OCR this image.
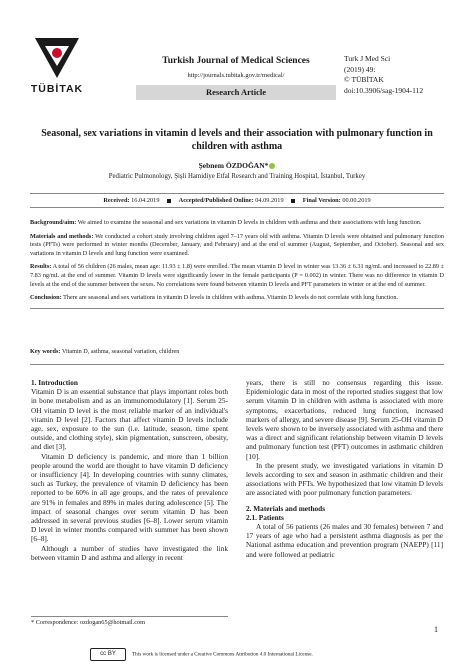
TÜBİTAK
Turkish Journal of Medical Sciences
http://journals.tubitak.gov.tr/medical/
Research Article
Turk J Med Sci
(2019) 49:
© TÜBİTAK
doi:10.3906/sag-1904-112
Seasonal, sex variations in vitamin d levels and their association with pulmonary function in children with asthma
Şebnem ÖZDOĞAN*
Pediatric Pulmonology, Şişli Hamidiye Etfal Research and Training Hospital, İstanbul, Turkey
Received: 16.04.2019	Accepted/Published Online: 04.09.2019	Final Version: 00.00.2019

Background/aim: We aimed to examine the seasonal and sex variations in vitamin D levels in children with asthma and their associations with lung function.

Materials and methods: We conducted a cohort study involving children aged 7–17 years old with asthma. Vitamin D levels were obtained and pulmonary function tests (PFTs) were performed in winter months (December, January, and February) and at the end of summer (August, September, and October). Seasonal and sex variations in vitamin D levels and lung function were examined.

Results: A total of 56 children (26 males, mean age: 11.93 ± 1.8) were enrolled. The mean vitamin D level in winter was 13.36 ± 6.31 ng/mL and increased to 22.89 ± 7.83 ng/mL at the end of summer. Vitamin D levels were significantly lower in the female participants (P = 0.002) in winter. There was no difference in vitamin D levels at the end of the summer between the sexes. No correlations were found between vitamin D levels and PFT parameters in winter or at the end of summer.

Conclusion: There are seasonal and sex variations in vitamin D levels in children with asthma. Vitamin D levels do not correlate with lung function.

Key words: Vitamin D, asthma, seasonal variation, children
1. Introduction

Vitamin D is an essential substance that plays important roles both in bone metabolism and as an immunomodulatory [1]. Serum 25-OH vitamin D level is the most reliable marker of an individual's vitamin D level [2]. Factors that affect vitamin D levels include age, sex, exposure to the sun (i.e. latitude, season, time spent outside, and clothing style), skin pigmentation, sunscreen, obesity, and diet [3].

Vitamin D deficiency is pandemic, and more than 1 billion people around the world are thought to have vitamin D deficiency or insufficiency [4]. In developing countries with sunny climates, such as Turkey, the prevalence of vitamin D deficiency has been reported to be 60% in all age groups, and the rates of prevalence are 91% in females and 89% in males during adolescence [5]. The impact of seasonal changes over serum vitamin D has been addressed in several previous studies [6–8]. Lower serum vitamin D level in winter months compared with summer has been shown [6–8].

Although a number of studies have investigated the link between vitamin D and asthma and allergy in recent

years, there is still no consensus regarding this issue. Epidemiologic data in most of the reported studies suggest that low serum vitamin D in children with asthma is associated with more symptoms, exacerbations, reduced lung function, increased markers of allergy, and severe disease [9]. Serum 25-OH vitamin D levels were shown to be inversely associated with asthma and there was a direct and significant relationship between vitamin D levels and pulmonary function test (PFT) outcomes in asthmatic children [10].

In the present study, we investigated variations in vitamin D levels according to sex and season in asthmatic children and their associations with PFTs. We hypothesized that low vitamin D levels are associated with poor pulmonary function parameters.

2. Materials and methods
2.1. Patients

A total of 56 patients (26 males and 30 females) between 7 and 17 years of age who had a persistent asthma diagnosis as per the National asthma education and prevention program (NAEPP) [11] and were followed at pediatric

* Correspondence: ozdogan65@hotmail.com
1
cc BY	This work is licensed under a Creative Commons Attribution 4.0 International License.
